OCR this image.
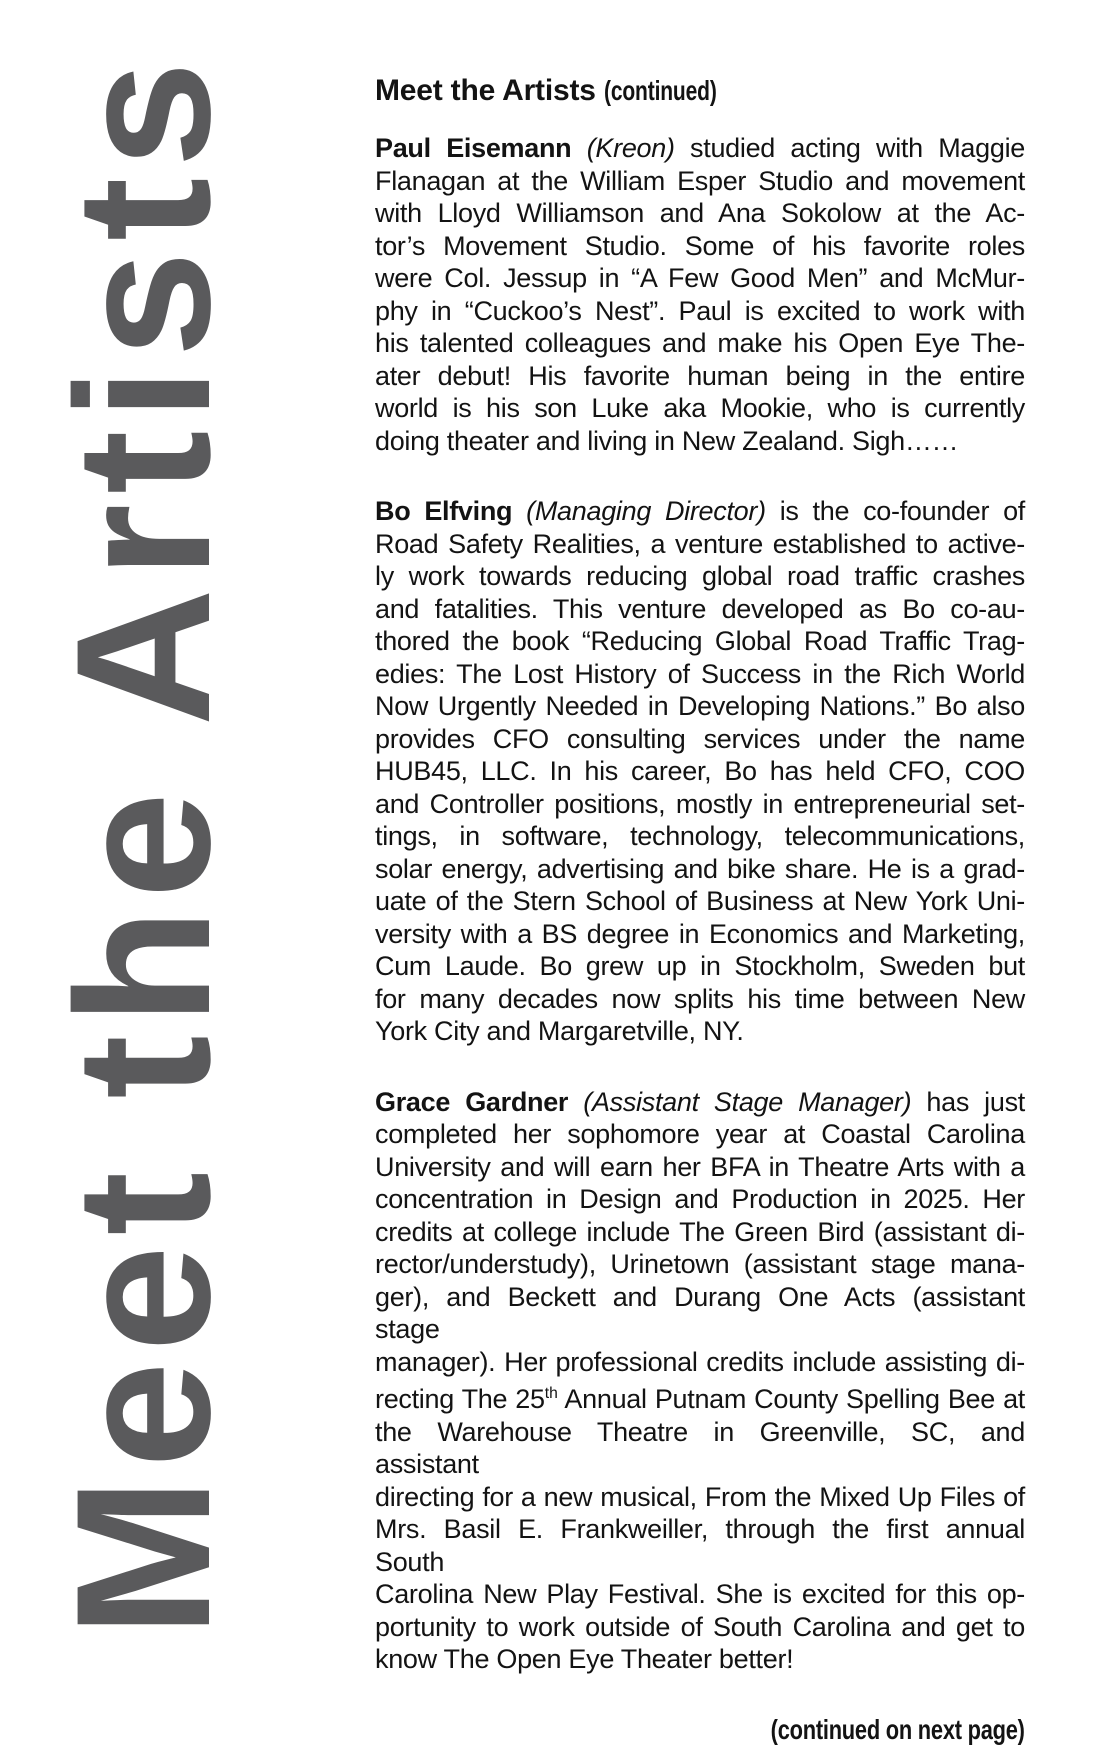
Meet the Artists	Meet the Artists (continued)
Paul Eisemann (Kreon) studied acting with Maggie
Flanagan at the William Esper Studio and movement
with Lloyd Williamson and Ana Sokolow at the Ac-
tor’s Movement Studio. Some of his favorite roles
were Col. Jessup in “A Few Good Men” and McMur-
phy in “Cuckoo’s Nest”. Paul is excited to work with
his talented colleagues and make his Open Eye The-
ater debut! His favorite human being in the entire
world is his son Luke aka Mookie, who is currently
doing theater and living in New Zealand. Sigh……
Bo Elfving (Managing Director) is the co-founder of
Road Safety Realities, a venture established to active-
ly work towards reducing global road traffic crashes
and fatalities. This venture developed as Bo co-au-
thored the book “Reducing Global Road Traffic Trag-
edies: The Lost History of Success in the Rich World
Now Urgently Needed in Developing Nations.” Bo also
provides CFO consulting services under the name
HUB45, LLC. In his career, Bo has held CFO, COO
and Controller positions, mostly in entrepreneurial set-
tings, in software, technology, telecommunications,
solar energy, advertising and bike share. He is a grad-
uate of the Stern School of Business at New York Uni-
versity with a BS degree in Economics and Marketing,
Cum Laude. Bo grew up in Stockholm, Sweden but
for many decades now splits his time between New
York City and Margaretville, NY.
Grace Gardner (Assistant Stage Manager) has just
completed her sophomore year at Coastal Carolina
University and will earn her BFA in Theatre Arts with a
concentration in Design and Production in 2025. Her
credits at college include The Green Bird (assistant di-
rector/understudy), Urinetown (assistant stage mana-
ger), and Beckett and Durang One Acts (assistant stage
manager). Her professional credits include assisting di-
recting The 25th Annual Putnam County Spelling Bee at
the Warehouse Theatre in Greenville, SC, and assistant
directing for a new musical, From the Mixed Up Files of
Mrs. Basil E. Frankweiller, through the first annual South
Carolina New Play Festival. She is excited for this op-
portunity to work outside of South Carolina and get to
know The Open Eye Theater better!
(continued on next page)
